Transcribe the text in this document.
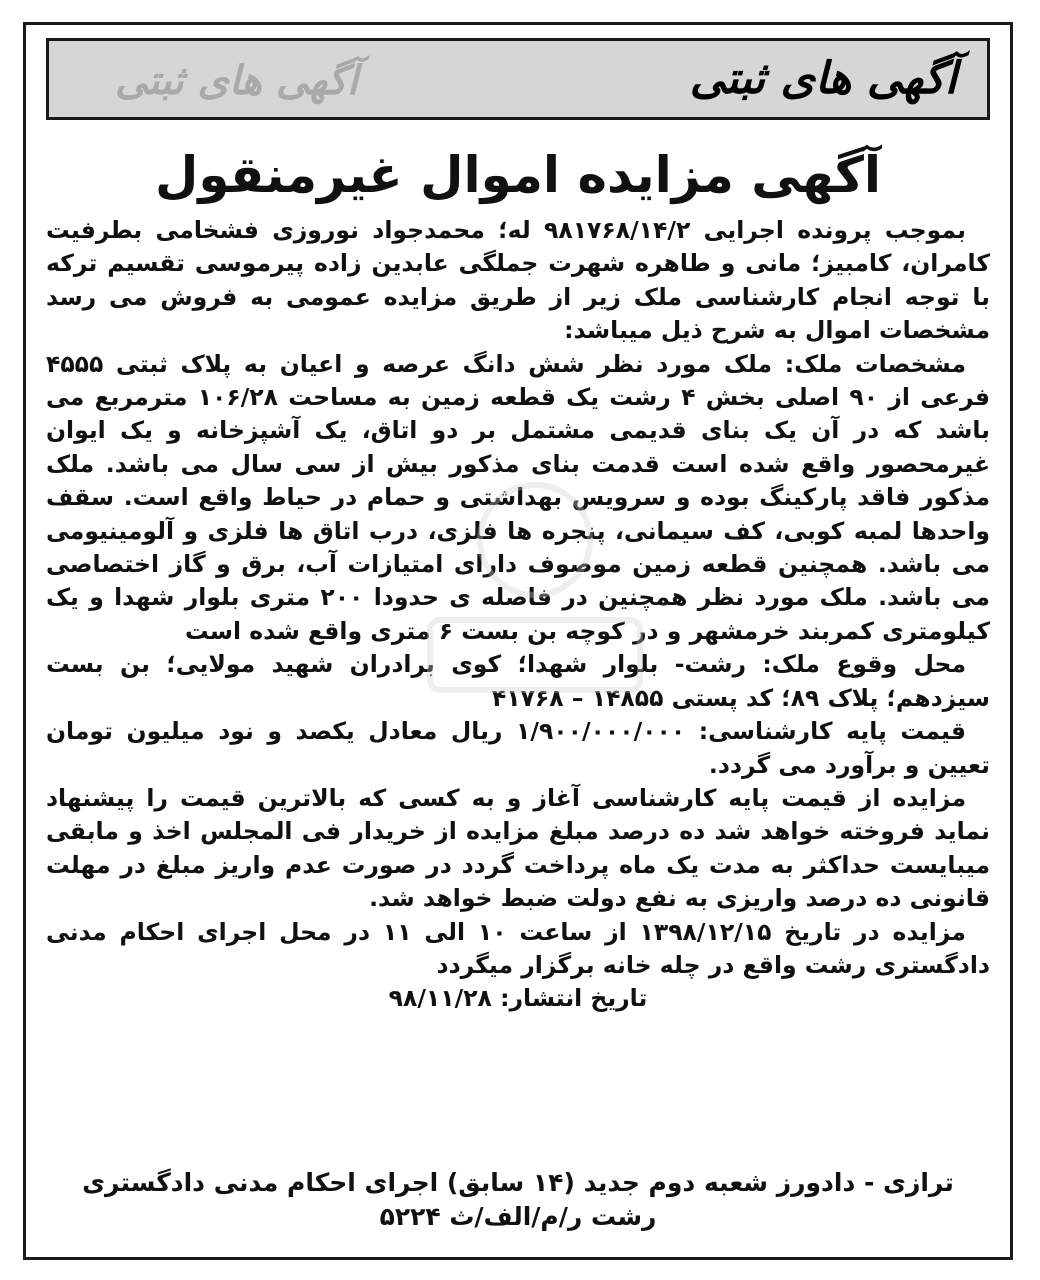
آگهی های ثبتی
آگهی های ثبتی
آگهی مزایده اموال غیرمنقول

بموجب پرونده اجرایی ۹۸۱۷۶۸/۱۴/۲ له؛ محمدجواد نوروزی فشخامی بطرفیت کامران، کامبیز؛ مانی و طاهره شهرت جملگی عابدین زاده پیرموسی تقسیم ترکه با توجه انجام کارشناسی ملک زیر از طریق مزایده عمومی به فروش می رسد مشخصات اموال به شرح ذیل میباشد:

مشخصات ملک: ملک مورد نظر شش دانگ عرصه و اعیان به پلاک ثبتی ۴۵۵۵ فرعی از ۹۰ اصلی بخش ۴ رشت یک قطعه زمین به مساحت ۱۰۶/۲۸ مترمربع می باشد که در آن یک بنای قدیمی مشتمل بر دو اتاق، یک آشپزخانه و یک ایوان غیرمحصور واقع شده است قدمت بنای مذکور بیش از سی سال می باشد. ملک مذکور فاقد پارکینگ بوده و سرویس بهداشتی و حمام در حیاط واقع است. سقف واحدها لمبه کوبی، کف سیمانی، پنجره ها فلزی، درب اتاق ها فلزی و آلومینیومی می باشد. همچنین قطعه زمین موصوف دارای امتیازات آب، برق و گاز اختصاصی می باشد. ملک مورد نظر همچنین در فاصله ی حدودا ۲۰۰ متری بلوار شهدا و یک کیلومتری کمربند خرمشهر و در کوچه بن بست ۶ متری واقع شده است

محل وقوع ملک: رشت- بلوار شهدا؛ کوی برادران شهید مولایی؛ بن بست سیزدهم؛ پلاک ۸۹؛ کد پستی ۱۴۸۵۵ – ۴۱۷۶۸

قیمت پایه کارشناسی: ۱/۹۰۰/۰۰۰/۰۰۰ ریال معادل یکصد و نود میلیون تومان تعیین و برآورد می گردد.

مزایده از قیمت پایه کارشناسی آغاز و به کسی که بالاترین قیمت را پیشنهاد نماید فروخته خواهد شد ده درصد مبلغ مزایده از خریدار فی المجلس اخذ و مابقی میبایست حداکثر به مدت یک ماه پرداخت گردد در صورت عدم واریز مبلغ در مهلت قانونی ده درصد واریزی به نفع دولت ضبط خواهد شد.

مزایده در تاریخ ۱۳۹۸/۱۲/۱۵ از ساعت ۱۰ الی ۱۱ در محل اجرای احکام مدنی دادگستری رشت واقع در چله خانه برگزار میگردد

تاریخ انتشار: ۹۸/۱۱/۲۸

ترازی - دادورز شعبه دوم جدید (۱۴ سابق) اجرای احکام مدنی دادگستری
رشت ر/م/الف/ث ۵۲۲۴
